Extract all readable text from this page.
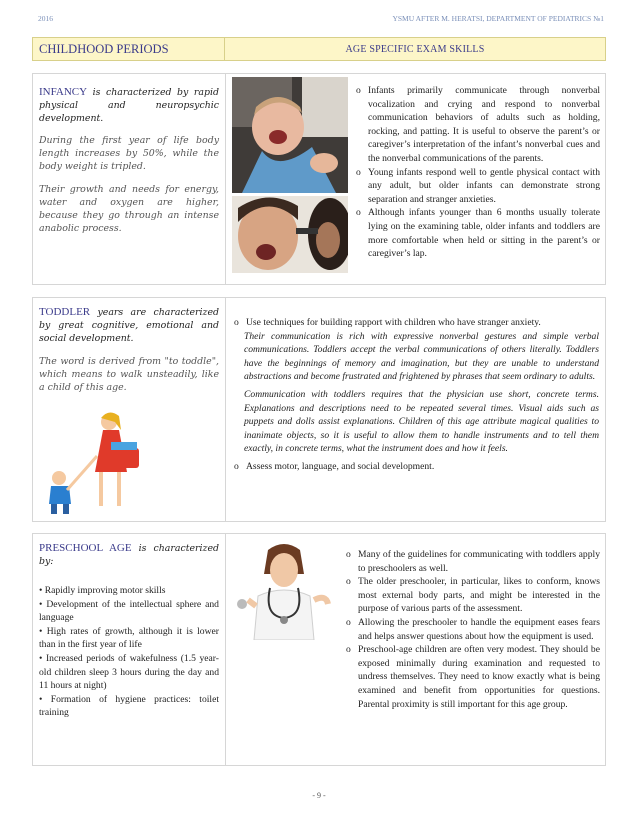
2016	YSMU AFTER M. HERATSI, DEPARTMENT OF PEDIATRICS №1
CHILDHOOD PERIODS	AGE SPECIFIC EXAM SKILLS

INFANCY is characterized by rapid physical and neuropsychic development.

During the first year of life body length increases by 50%, while the body weight is tripled.

Their growth and needs for energy, water and oxygen are higher, because they go through an intense anabolic process.

o Infants primarily communicate through nonverbal vocalization and crying and respond to nonverbal communication behaviors of adults such as holding, rocking, and patting. It is useful to observe the parent’s or caregiver’s interpretation of the infant’s nonverbal cues and the nonverbal communications of the parents.
o Young infants respond well to gentle physical contact with any adult, but older infants can demonstrate strong separation and stranger anxieties.
o Although infants younger than 6 months usually tolerate lying on the examining table, older infants and toddlers are more comfortable when held or sitting in the parent’s or caregiver’s lap.

TODDLER years are characterized by great cognitive, emotional and social development.

The word is derived from "to toddle", which means to walk unsteadily, like a child of this age.

o Use techniques for building rapport with children who have stranger anxiety.
Their communication is rich with expressive nonverbal gestures and simple verbal communications. Toddlers accept the verbal communications of others literally. Toddlers have the beginnings of memory and imagination, but they are unable to understand abstractions and become frustrated and frightened by phrases that seem ordinary to adults.
Communication with toddlers requires that the physician use short, concrete terms. Explanations and descriptions need to be repeated several times. Visual aids such as puppets and dolls assist explanations. Children of this age attribute magical qualities to inanimate objects, so it is useful to allow them to handle instruments and to tell them exactly, in concrete terms, what the instrument does and how it feels.
o Assess motor, language, and social development.

PRESCHOOL AGE is characterized by:

• Rapidly improving motor skills
• Development of the intellectual sphere and language
• High rates of growth, although it is lower than in the first year of life
• Increased periods of wakefulness (1.5 year-old children sleep 3 hours during the day and 11 hours at night)
• Formation of hygiene practices: toilet training
o Many of the guidelines for communicating with toddlers apply to preschoolers as well.
o The older preschooler, in particular, likes to conform, knows most external body parts, and might be interested in the purpose of various parts of the assessment.
o Allowing the preschooler to handle the equipment eases fears and helps answer questions about how the equipment is used.
o Preschool-age children are often very modest. They should be exposed minimally during examination and requested to undress themselves. They need to know exactly what is being examined and benefit from opportunities for questions. Parental proximity is still important for this age group.
- 9 -
